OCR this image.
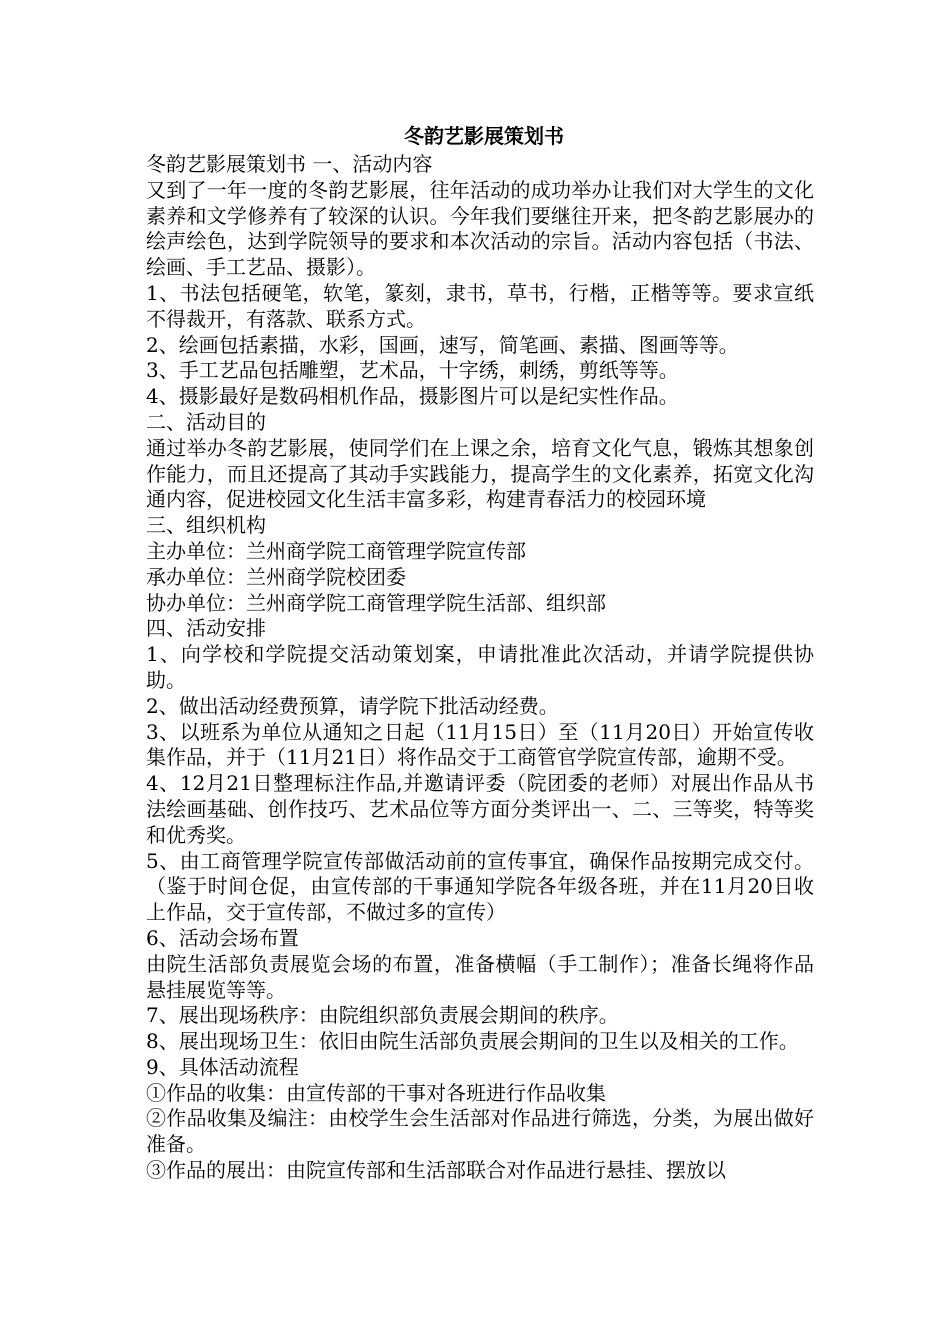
冬韵艺影展策划书

冬韵艺影展策划书 一、活动内容

又到了一年一度的冬韵艺影展，往年活动的成功举办让我们对大学生的文化素养和文学修养有了较深的认识。今年我们要继往开来，把冬韵艺影展办的绘声绘色，达到学院领导的要求和本次活动的宗旨。活动内容包括（书法、绘画、手工艺品、摄影）。

1、书法包括硬笔，软笔，篆刻，隶书，草书，行楷，正楷等等。要求宣纸不得裁开，有落款、联系方式。

2、绘画包括素描，水彩，国画，速写，简笔画、素描、图画等等。

3、手工艺品包括雕塑，艺术品，十字绣，刺绣，剪纸等等。

4、摄影最好是数码相机作品，摄影图片可以是纪实性作品。

二、活动目的

通过举办冬韵艺影展，使同学们在上课之余，培育文化气息，锻炼其想象创作能力，而且还提高了其动手实践能力，提高学生的文化素养，拓宽文化沟通内容，促进校园文化生活丰富多彩，构建青春活力的校园环境

三、组织机构

主办单位：兰州商学院工商管理学院宣传部

承办单位：兰州商学院校团委

协办单位：兰州商学院工商管理学院生活部、组织部

四、活动安排

1、向学校和学院提交活动策划案，申请批准此次活动，并请学院提供协助。

2、做出活动经费预算，请学院下批活动经费。

3、以班系为单位从通知之日起（11月15日）至（11月20日）开始宣传收集作品，并于（11月21日）将作品交于工商管官学院宣传部，逾期不受。

4、12月21日整理标注作品,并邀请评委（院团委的老师）对展出作品从书法绘画基础、创作技巧、艺术品位等方面分类评出一、二、三等奖，特等奖和优秀奖。

5、由工商管理学院宣传部做活动前的宣传事宜，确保作品按期完成交付。（鉴于时间仓促，由宣传部的干事通知学院各年级各班，并在11月20日收上作品，交于宣传部，不做过多的宣传）

6、活动会场布置

由院生活部负责展览会场的布置，准备横幅（手工制作）；准备长绳将作品悬挂展览等等。

7、展出现场秩序：由院组织部负责展会期间的秩序。

8、展出现场卫生：依旧由院生活部负责展会期间的卫生以及相关的工作。

9、具体活动流程

①作品的收集：由宣传部的干事对各班进行作品收集

②作品收集及编注：由校学生会生活部对作品进行筛选，分类，为展出做好准备。

③作品的展出：由院宣传部和生活部联合对作品进行悬挂、摆放以
